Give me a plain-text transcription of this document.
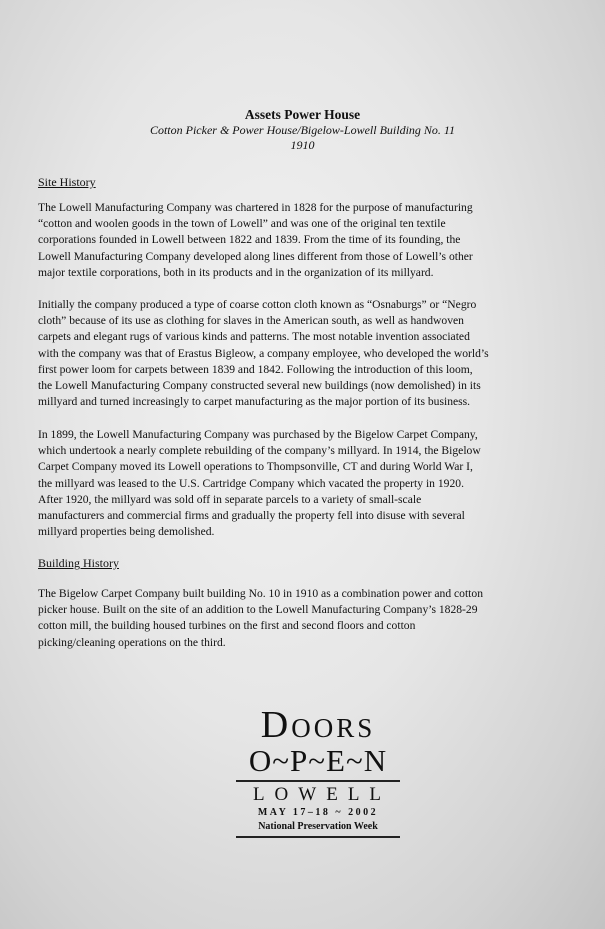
Assets Power House
Cotton Picker & Power House/Bigelow-Lowell Building No. 11
1910
Site History
The Lowell Manufacturing Company was chartered in 1828 for the purpose of manufacturing
“cotton and woolen goods in the town of Lowell” and was one of the original ten textile
corporations founded in Lowell between 1822 and 1839. From the time of its founding, the
Lowell Manufacturing Company developed along lines different from those of Lowell’s other
major textile corporations, both in its products and in the organization of its millyard.
Initially the company produced a type of coarse cotton cloth known as “Osnaburgs” or “Negro
cloth” because of its use as clothing for slaves in the American south, as well as handwoven
carpets and elegant rugs of various kinds and patterns. The most notable invention associated
with the company was that of Erastus Bigleow, a company employee, who developed the world’s
first power loom for carpets between 1839 and 1842. Following the introduction of this loom,
the Lowell Manufacturing Company constructed several new buildings (now demolished) in its
millyard and turned increasingly to carpet manufacturing as the major portion of its business.
In 1899, the Lowell Manufacturing Company was purchased by the Bigelow Carpet Company,
which undertook a nearly complete rebuilding of the company’s millyard. In 1914, the Bigelow
Carpet Company moved its Lowell operations to Thompsonville, CT and during World War I,
the millyard was leased to the U.S. Cartridge Company which vacated the property in 1920.
After 1920, the millyard was sold off in separate parcels to a variety of small-scale
manufacturers and commercial firms and gradually the property fell into disuse with several
millyard properties being demolished.
Building History
The Bigelow Carpet Company built building No. 10 in 1910 as a combination power and cotton
picker house. Built on the site of an addition to the Lowell Manufacturing Company’s 1828-29
cotton mill, the building housed turbines on the first and second floors and cotton
picking/cleaning operations on the third.
Doors
O~P~E~N
LOWELL
MAY 17–18 ~ 2002
National Preservation Week
